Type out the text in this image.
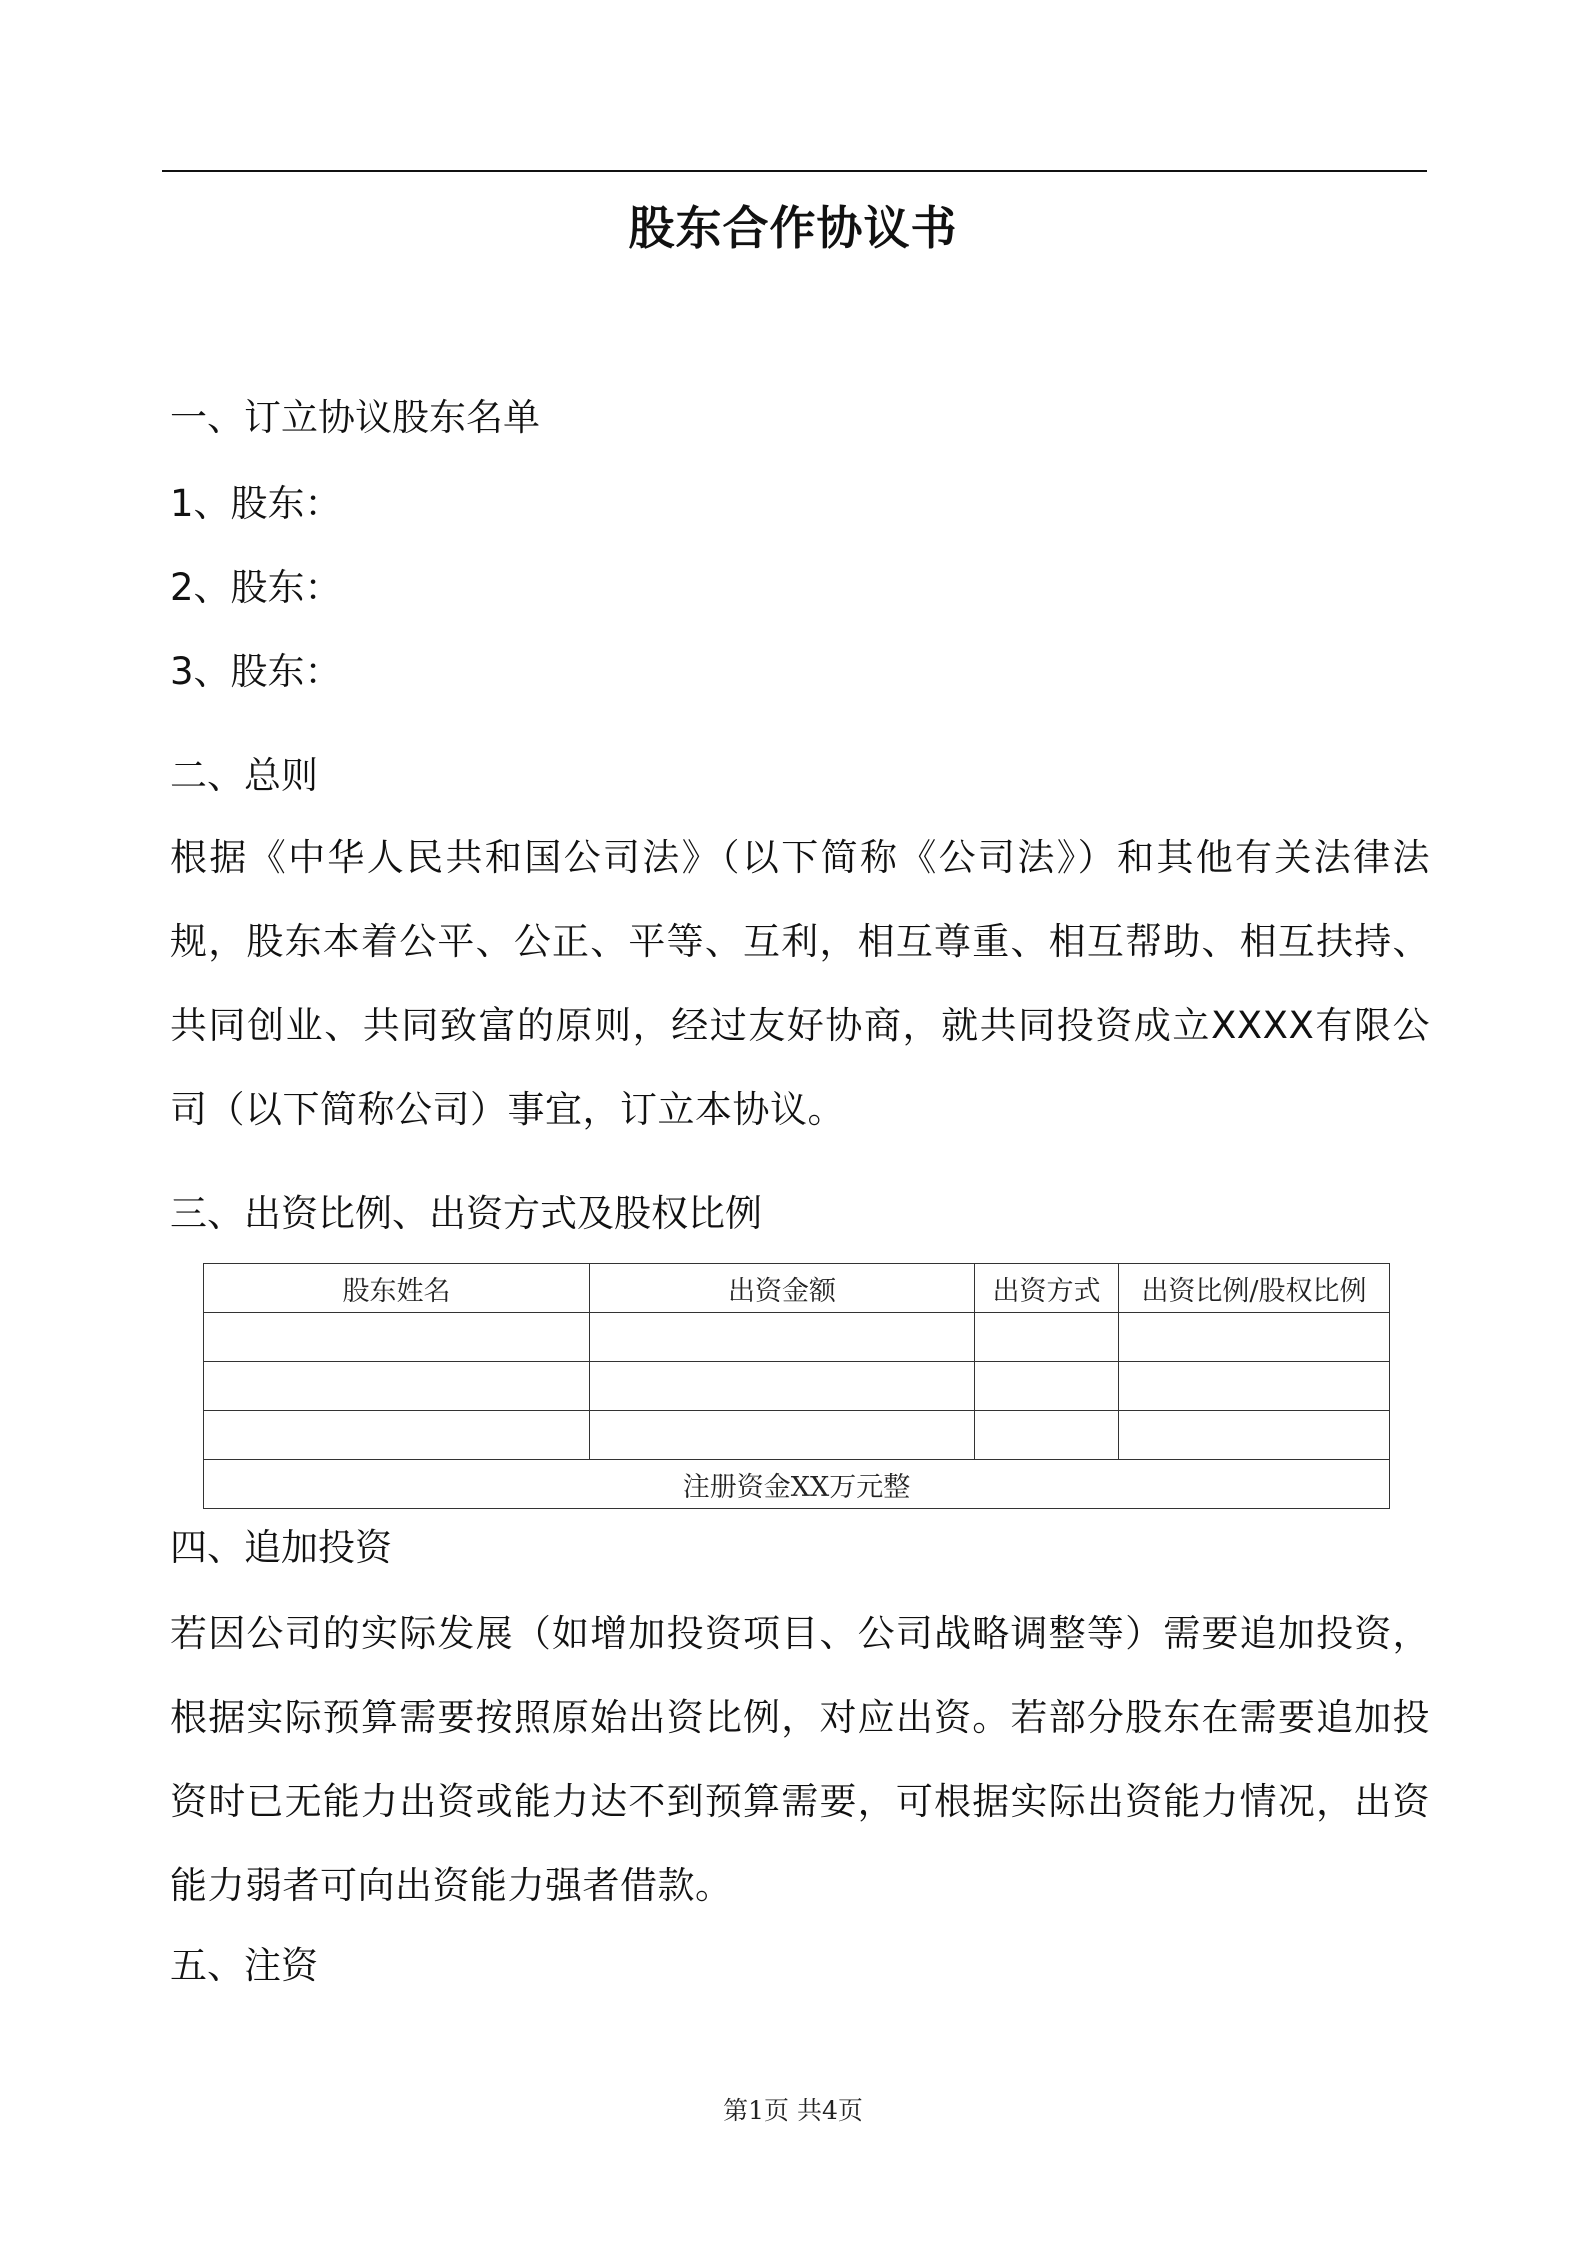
股东合作协议书
一、订立协议股东名单
1、股东：
2、股东：
3、股东：
二、总则
根据《中华人民共和国公司法》（以下简称《公司法》）和其他有关法律法规，股东本着公平、公正、平等、互利，相互尊重、相互帮助、相互扶持、共同创业、共同致富的原则，经过友好协商，就共同投资成立XXXX有限公司（以下简称公司）事宜，订立本协议。
三、出资比例、出资方式及股权比例
股东姓名	出资金额	出资方式	出资比例/股权比例

注册资金XX万元整			
四、追加投资
若因公司的实际发展（如增加投资项目、公司战略调整等）需要追加投资，根据实际预算需要按照原始出资比例，对应出资。若部分股东在需要追加投资时已无能力出资或能力达不到预算需要，可根据实际出资能力情况，出资能力弱者可向出资能力强者借款。
五、注资
第1页 共4页
